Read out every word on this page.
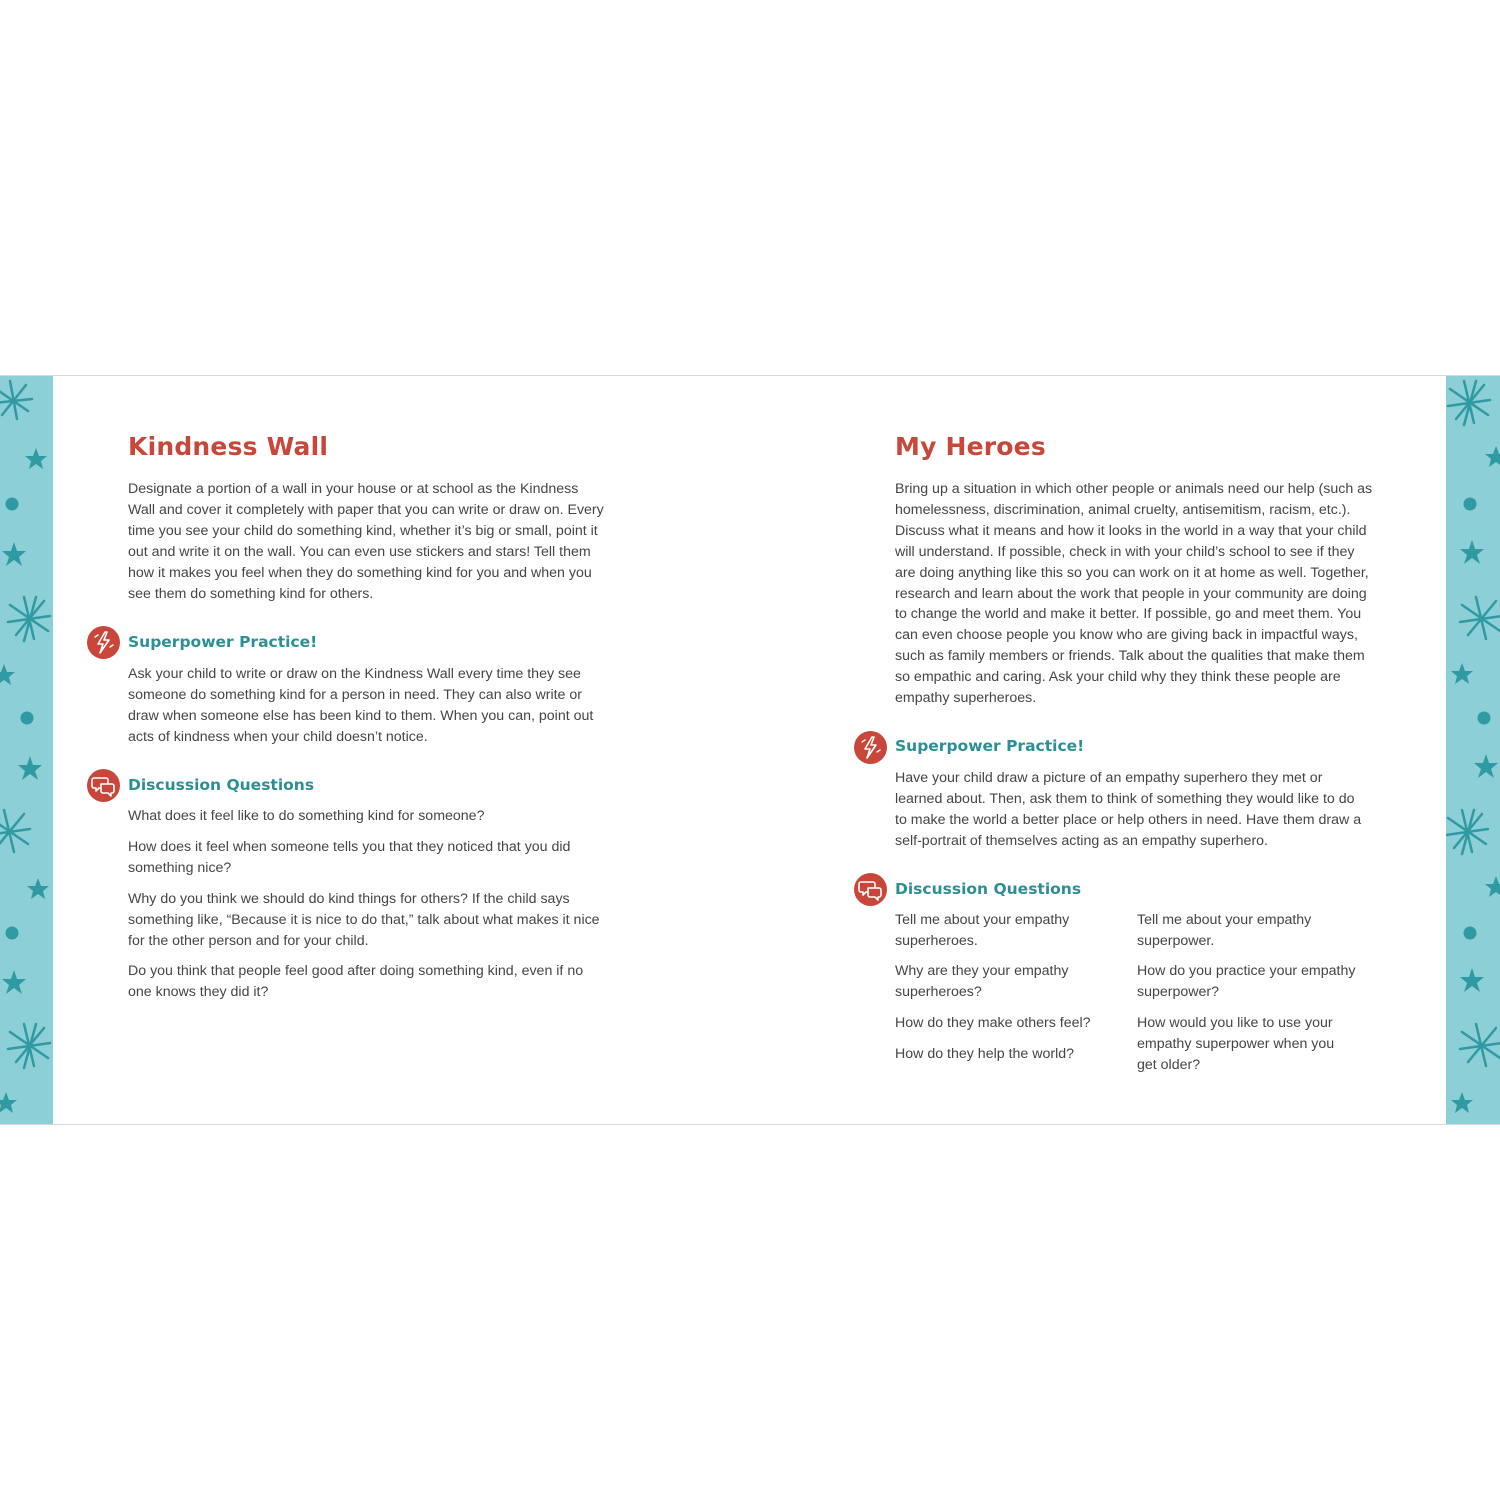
Kindness Wall

Designate a portion of a wall in your house or at school as the Kindness Wall and cover it completely with paper that you can write or draw on. Every time you see your child do something kind, whether it’s big or small, point it out and write it on the wall. You can even use stickers and stars! Tell them how it makes you feel when they do something kind for you and when you see them do something kind for others.

Superpower Practice!

Ask your child to write or draw on the Kindness Wall every time they see someone do something kind for a person in need. They can also write or draw when someone else has been kind to them. When you can, point out acts of kindness when your child doesn’t notice.

Discussion Questions

What does it feel like to do something kind for someone?

How does it feel when someone tells you that they noticed that you did something nice?

Why do you think we should do kind things for others? If the child says something like, “Because it is nice to do that,” talk about what makes it nice for the other person and for your child.

Do you think that people feel good after doing something kind, even if no one knows they did it?

My Heroes

Bring up a situation in which other people or animals need our help (such as homelessness, discrimination, animal cruelty, antisemitism, racism, etc.). Discuss what it means and how it looks in the world in a way that your child will understand. If possible, check in with your child’s school to see if they are doing anything like this so you can work on it at home as well. Together, research and learn about the work that people in your community are doing to change the world and make it better. If possible, go and meet them. You can even choose people you know who are giving back in impactful ways, such as family members or friends. Talk about the qualities that make them so empathic and caring. Ask your child why they think these people are empathy superheroes.

Superpower Practice!

Have your child draw a picture of an empathy superhero they met or learned about. Then, ask them to think of something they would like to do to make the world a better place or help others in need. Have them draw a self-portrait of themselves acting as an empathy superhero.

Discussion Questions

Tell me about your empathy superheroes.

Why are they your empathy superheroes?

How do they make others feel?

How do they help the world?

Tell me about your empathy superpower.

How do you practice your empathy superpower?

How would you like to use your empathy superpower when you get older?
